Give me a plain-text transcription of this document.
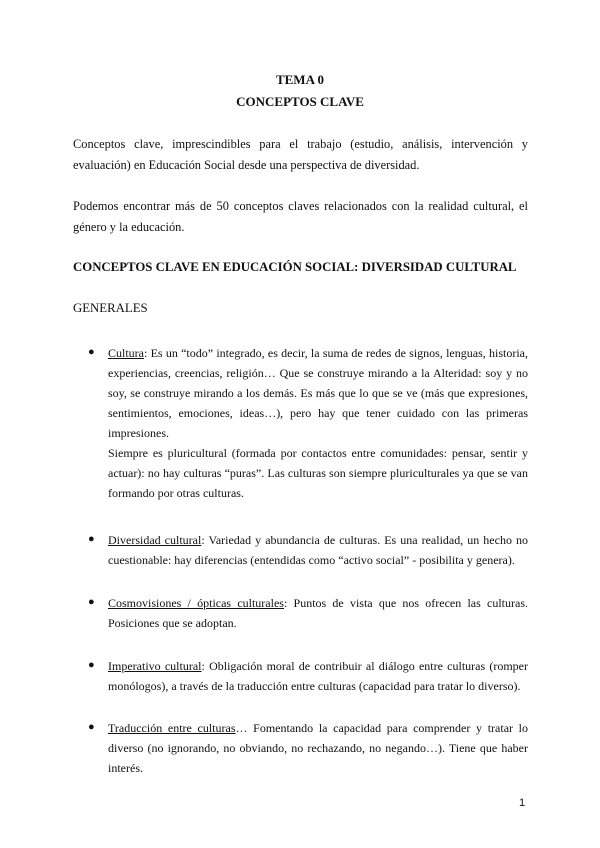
TEMA 0
CONCEPTOS CLAVE
Conceptos clave, imprescindibles para el trabajo (estudio, análisis, intervención y evaluación) en Educación Social desde una perspectiva de diversidad.
Podemos encontrar más de 50 conceptos claves relacionados con la realidad cultural, el género y la educación.
CONCEPTOS CLAVE EN EDUCACIÓN SOCIAL: DIVERSIDAD CULTURAL
GENERALES
● Cultura: Es un “todo” integrado, es decir, la suma de redes de signos, lenguas, historia, experiencias, creencias, religión… Que se construye mirando a la Alteridad: soy y no soy, se construye mirando a los demás. Es más que lo que se ve (más que expresiones, sentimientos, emociones, ideas…), pero hay que tener cuidado con las primeras impresiones.
Siempre es pluricultural (formada por contactos entre comunidades: pensar, sentir y actuar): no hay culturas “puras”. Las culturas son siempre pluriculturales ya que se van formando por otras culturas.
● Diversidad cultural: Variedad y abundancia de culturas. Es una realidad, un hecho no cuestionable: hay diferencias (entendidas como “activo social” - posibilita y genera).
● Cosmovisiones / ópticas culturales: Puntos de vista que nos ofrecen las culturas. Posiciones que se adoptan.
● Imperativo cultural: Obligación moral de contribuir al diálogo entre culturas (romper monólogos), a través de la traducción entre culturas (capacidad para tratar lo diverso).
● Traducción entre culturas… Fomentando la capacidad para comprender y tratar lo diverso (no ignorando, no obviando, no rechazando, no negando…). Tiene que haber interés.
1
